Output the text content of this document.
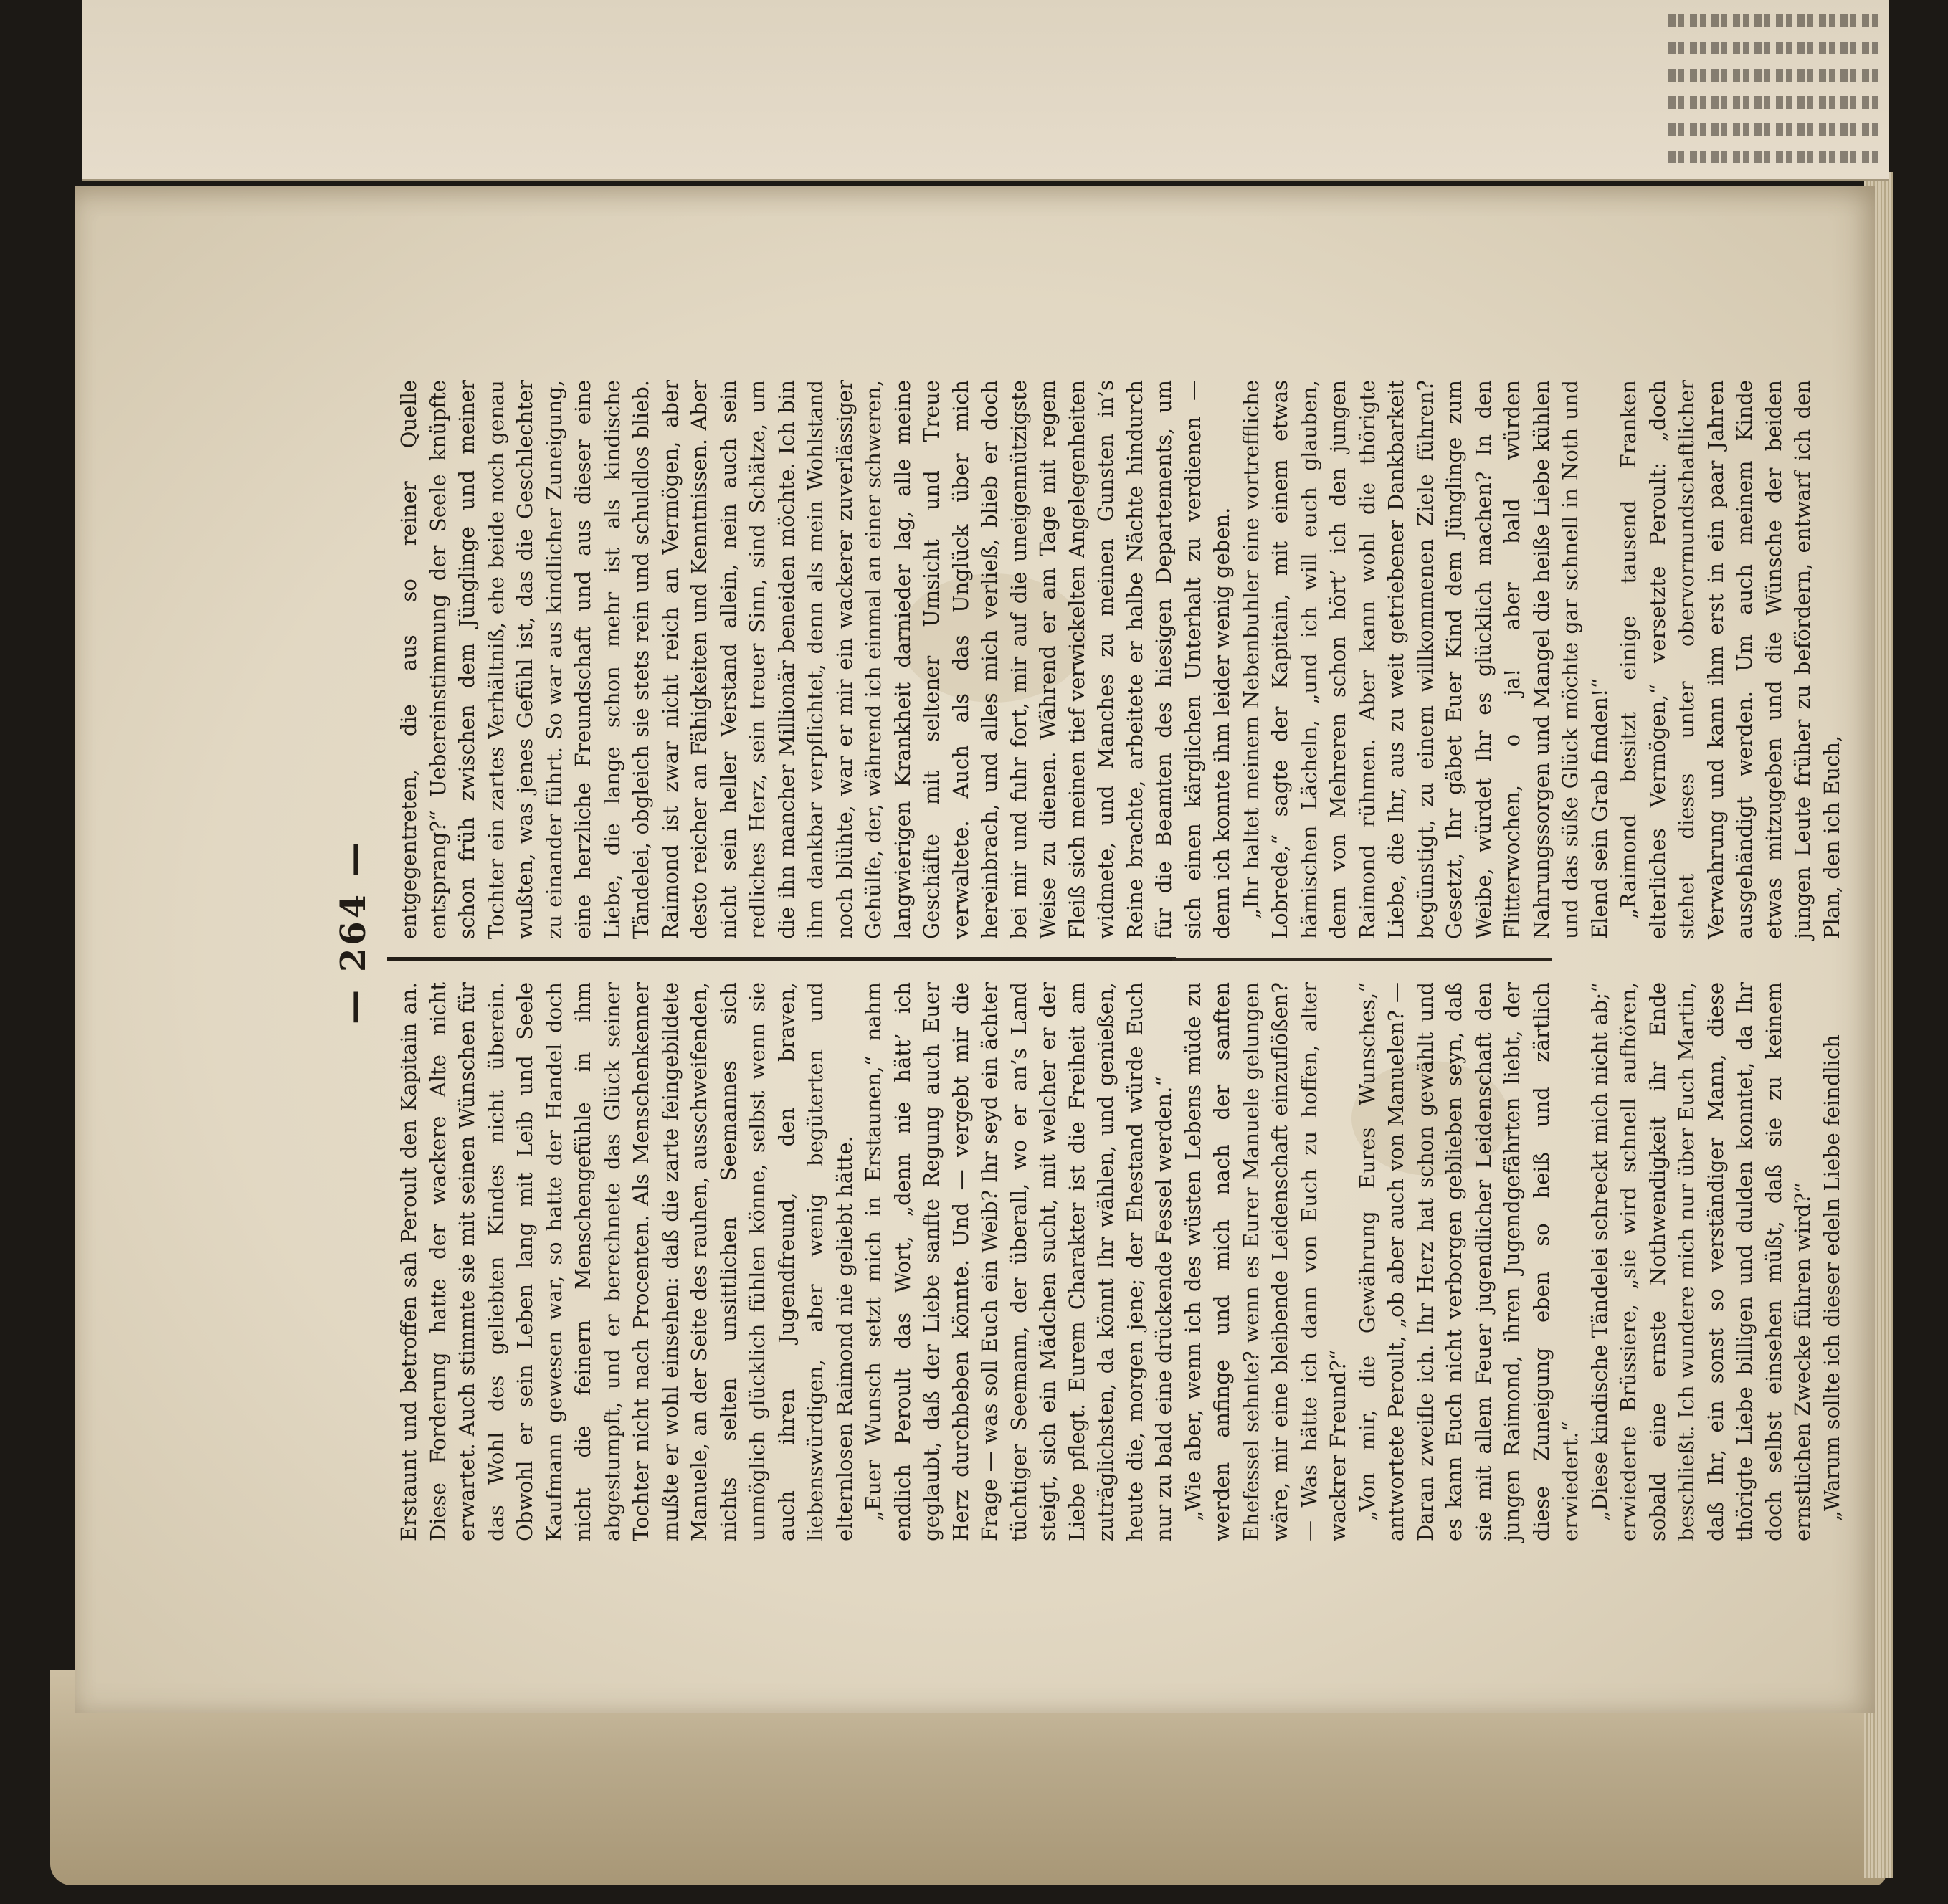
— 264 —

Erstaunt und betroffen sah Peroult den Kapitain an. Diese Forderung hatte der wackere Alte nicht erwartet. Auch stimmte sie mit seinen Wünschen für das Wohl des geliebten Kindes nicht überein. Obwohl er sein Leben lang mit Leib und Seele Kaufmann gewesen war, so hatte der Handel doch nicht die feinern Menschengefühle in ihm abgestumpft, und er berechnete das Glück seiner Tochter nicht nach Procenten. Als Menschenkenner mußte er wohl einsehen: daß die zarte feingebildete Manuele, an der Seite des rauhen, ausschweifenden, nichts selten unsittlichen Seemannes sich unmöglich glücklich fühlen könne, selbst wenn sie auch ihren Jugendfreund, den braven, liebenswürdigen, aber wenig begüterten und elternlosen Raimond nie geliebt hätte. „Euer Wunsch setzt mich in Erstaunen,“ nahm endlich Peroult das Wort, „denn nie hätt’ ich geglaubt, daß der Liebe sanfte Regung auch Euer Herz durchbeben könnte. Und — vergebt mir die Frage — was soll Euch ein Weib? Ihr seyd ein ächter tüchtiger Seemann, der überall, wo er an’s Land steigt, sich ein Mädchen sucht, mit welcher er der Liebe pflegt. Eurem Charakter ist die Freiheit am zuträglichsten, da könnt Ihr wählen, und genießen, heute die, morgen jene; der Ehestand würde Euch nur zu bald eine drückende Fessel werden.“ „Wie aber, wenn ich des wüsten Lebens müde zu werden anfinge und mich nach der sanften Ehefessel sehnte? wenn es Eurer Manuele gelungen wäre, mir eine bleibende Leidenschaft einzuflößen? — Was hätte ich dann von Euch zu hoffen, alter wackrer Freund?“ „Von mir, die Gewährung Eures Wunsches,“ antwortete Peroult, „ob aber auch von Manuelen? — Daran zweifle ich. Ihr Herz hat schon gewählt und es kann Euch nicht verborgen geblieben seyn, daß sie mit allem Feuer jugendlicher Leidenschaft den jungen Raimond, ihren Jugendgefährten liebt, der diese Zuneigung eben so heiß und zärtlich erwiedert.“ „Diese kindische Tändelei schreckt mich nicht ab;“ erwiederte Brüssiere, „sie wird schnell aufhören, sobald eine ernste Nothwendigkeit ihr Ende beschließt. Ich wundere mich nur über Euch Martin, daß Ihr, ein sonst so verständiger Mann, diese thörigte Liebe billigen und dulden konntet, da Ihr doch selbst einsehen müßt, daß sie zu keinem ernstlichen Zwecke führen wird?“ „Warum sollte ich dieser edeln Liebe feindlich

entgegentreten, die aus so reiner Quelle entsprang?“ Uebereinstimmung der Seele knüpfte schon früh zwischen dem Jünglinge und meiner Tochter ein zartes Verhältniß, ehe beide noch genau wußten, was jenes Gefühl ist, das die Geschlechter zu einander führt. So war aus kindlicher Zuneigung, eine herzliche Freundschaft und aus dieser eine Liebe, die lange schon mehr ist als kindische Tändelei, obgleich sie stets rein und schuldlos blieb. Raimond ist zwar nicht reich an Vermögen, aber desto reicher an Fähigkeiten und Kenntnissen. Aber nicht sein heller Verstand allein, nein auch sein redliches Herz, sein treuer Sinn, sind Schätze, um die ihn mancher Millionär beneiden möchte. Ich bin ihm dankbar verpflichtet, denn als mein Wohlstand noch blühte, war er mir ein wackerer zuverlässiger Gehülfe, der, während ich einmal an einer schweren, langwierigen Krankheit darnieder lag, alle meine Geschäfte mit seltener Umsicht und Treue verwaltete. Auch als das Unglück über mich hereinbrach, und alles mich verließ, blieb er doch bei mir und fuhr fort, mir auf die uneigennützigste Weise zu dienen. Während er am Tage mit regem Fleiß sich meinen tief verwickelten Angelegenheiten widmete, und Manches zu meinen Gunsten in’s Reine brachte, arbeitete er halbe Nächte hindurch für die Beamten des hiesigen Departements, um sich einen kärglichen Unterhalt zu verdienen — denn ich konnte ihm leider wenig geben. „Ihr haltet meinem Nebenbuhler eine vortreffliche Lobrede,“ sagte der Kapitain, mit einem etwas hämischen Lächeln, „und ich will euch glauben, denn von Mehreren schon hört’ ich den jungen Raimond rühmen. Aber kann wohl die thörigte Liebe, die Ihr, aus zu weit getriebener Dankbarkeit begünstigt, zu einem willkommenen Ziele führen? Gesetzt, Ihr gäbet Euer Kind dem Jünglinge zum Weibe, würdet Ihr es glücklich machen? In den Flitterwochen, o ja! aber bald würden Nahrungssorgen und Mangel die heiße Liebe kühlen und das süße Glück möchte gar schnell in Noth und Elend sein Grab finden!“ „Raimond besitzt einige tausend Franken elterliches Vermögen,“ versetzte Peroult: „doch stehet dieses unter obervormundschaftlicher Verwahrung und kann ihm erst in ein paar Jahren ausgehändigt werden. Um auch meinem Kinde etwas mitzugeben und die Wünsche der beiden jungen Leute früher zu befördern, entwarf ich den Plan, den ich Euch,
